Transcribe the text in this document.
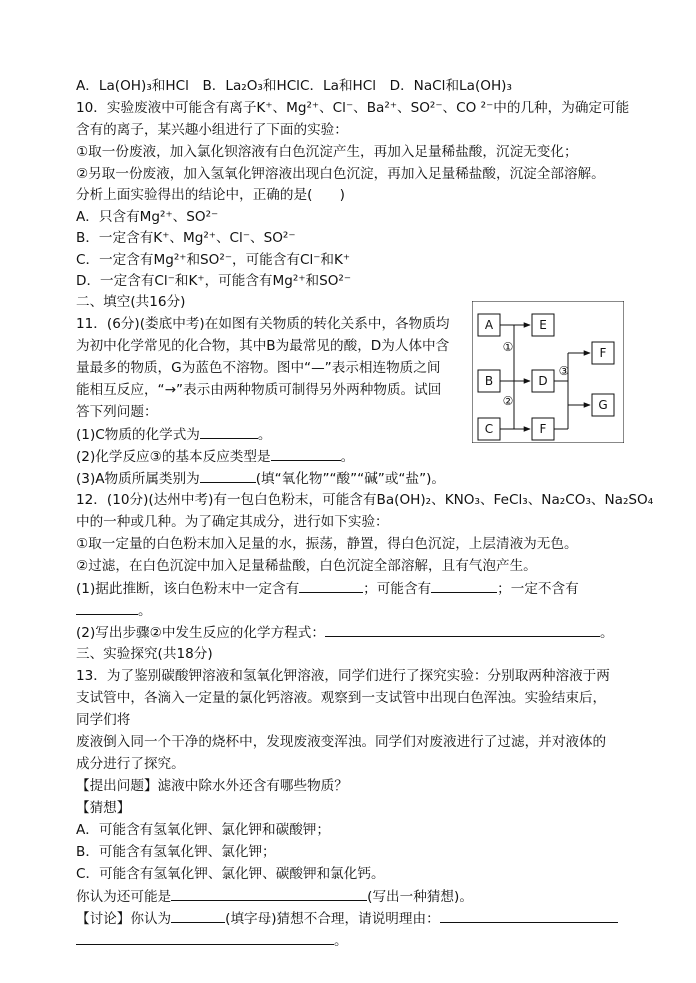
A．La(OH)₃和HCl　B．La₂O₃和HClC．La和HCl　D．NaCl和La(OH)₃
10．实验废液中可能含有离子K⁺、Mg²⁺、Cl⁻、Ba²⁺、SO²⁻、CO ²⁻中的几种，为确定可能
含有的离子，某兴趣小组进行了下面的实验：
①取一份废液，加入氯化钡溶液有白色沉淀产生，再加入足量稀盐酸，沉淀无变化；
②另取一份废液，加入氢氧化钾溶液出现白色沉淀，再加入足量稀盐酸，沉淀全部溶解。
分析上面实验得出的结论中，正确的是(　　)
A．只含有Mg²⁺、SO²⁻
B．一定含有K⁺、Mg²⁺、Cl⁻、SO²⁻
C．一定含有Mg²⁺和SO²⁻，可能含有Cl⁻和K⁺
D．一定含有Cl⁻和K⁺，可能含有Mg²⁺和SO²⁻
二、填空(共16分)
11．(6分)(娄底中考)在如图有关物质的转化关系中，各物质均
为初中化学常见的化合物，其中B为最常见的酸，D为人体中含
量最多的物质，G为蓝色不溶物。图中“—”表示相连物质之间
能相互反应，“→”表示由两种物质可制得另外两种物质。试回
答下列问题：
(1)C物质的化学式为	。
(2)化学反应③的基本反应类型是	。
(3)A物质所属类别为	(填“氧化物”“酸”“碱”或“盐”)。
A
B
C
E
D
F
F
G
①
②
③
12．(10分)(达州中考)有一包白色粉末，可能含有Ba(OH)₂、KNO₃、FeCl₃、Na₂CO₃、Na₂SO₄
中的一种或几种。为了确定其成分，进行如下实验：
①取一定量的白色粉末加入足量的水，振荡，静置，得白色沉淀，上层清液为无色。
②过滤，在白色沉淀中加入足量稀盐酸，白色沉淀全部溶解，且有气泡产生。
(1)据此推断，该白色粉末中一定含有	；可能含有	；一定不含有
。
(2)写出步骤②中发生反应的化学方程式：	。
三、实验探究(共18分)
13．为了鉴别碳酸钾溶液和氢氧化钾溶液，同学们进行了探究实验：分别取两种溶液于两
支试管中，各滴入一定量的氯化钙溶液。观察到一支试管中出现白色浑浊。实验结束后，
同学们将
废液倒入同一个干净的烧杯中，发现废液变浑浊。同学们对废液进行了过滤，并对液体的
成分进行了探究。
【提出问题】滤液中除水外还含有哪些物质？
【猜想】
A．可能含有氢氧化钾、氯化钾和碳酸钾；
B．可能含有氢氧化钾、氯化钾；
C．可能含有氢氧化钾、氯化钾、碳酸钾和氯化钙。
你认为还可能是	(写出一种猜想)。
【讨论】你认为	(填字母)猜想不合理，请说明理由：
。
